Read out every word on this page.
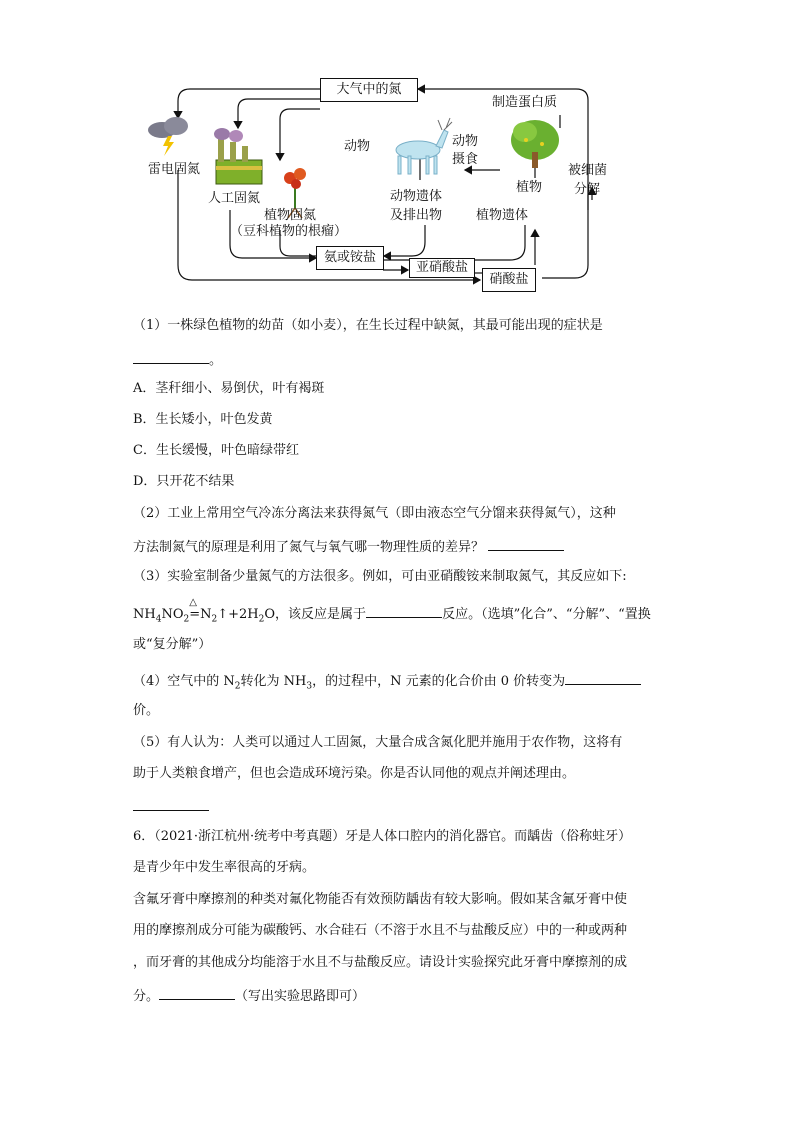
大气中的氮
制造蛋白质
雷电固氮
人工固氮
植物固氮
（豆科植物的根瘤）
动物	动物
摄食
植物
被细菌
分解
动物遗体
及排出物	植物遗体
氨或铵盐
亚硝酸盐
硝酸盐
（1）一株绿色植物的幼苗（如小麦），在生长过程中缺氮，其最可能出现的症状是
。
A．茎秆细小、易倒伏，叶有褐斑
B．生长矮小，叶色发黄
C．生长缓慢，叶色暗绿带红
D．只开花不结果
（2）工业上常用空气冷冻分离法来获得氮气（即由液态空气分馏来获得氮气），这种
方法制氮气的原理是利用了氮气与氧气哪一物理性质的差异？
（3）实验室制备少量氮气的方法很多。例如，可由亚硝酸铵来制取氮气，其反应如下:
$NH_4NO_2$
△
$=N_2↑+2H_2O$，该反应是属于	反应。（选填”化合”、“分解”、“置换
或“复分解”）
（4）空气中的 $N_2$转化为 $NH_3$，的过程中，N 元素的化合价由 0 价转变为
价。
（5）有人认为：人类可以通过人工固氮，大量合成含氮化肥并施用于农作物，这将有
助于人类粮食增产，但也会造成环境污染。你是否认同他的观点并阐述理由。
6．（2021·浙江杭州·统考中考真题）牙是人体口腔内的消化器官。而龋齿（俗称蛀牙）
是青少年中发生率很高的牙病。
含氟牙膏中摩擦剂的种类对氟化物能否有效预防龋齿有较大影响。假如某含氟牙膏中使
用的摩擦剂成分可能为碳酸钙、水合硅石（不溶于水且不与盐酸反应）中的一种或两种
，而牙膏的其他成分均能溶于水且不与盐酸反应。请设计实验探究此牙膏中摩擦剂的成
分。	（写出实验思路即可）
